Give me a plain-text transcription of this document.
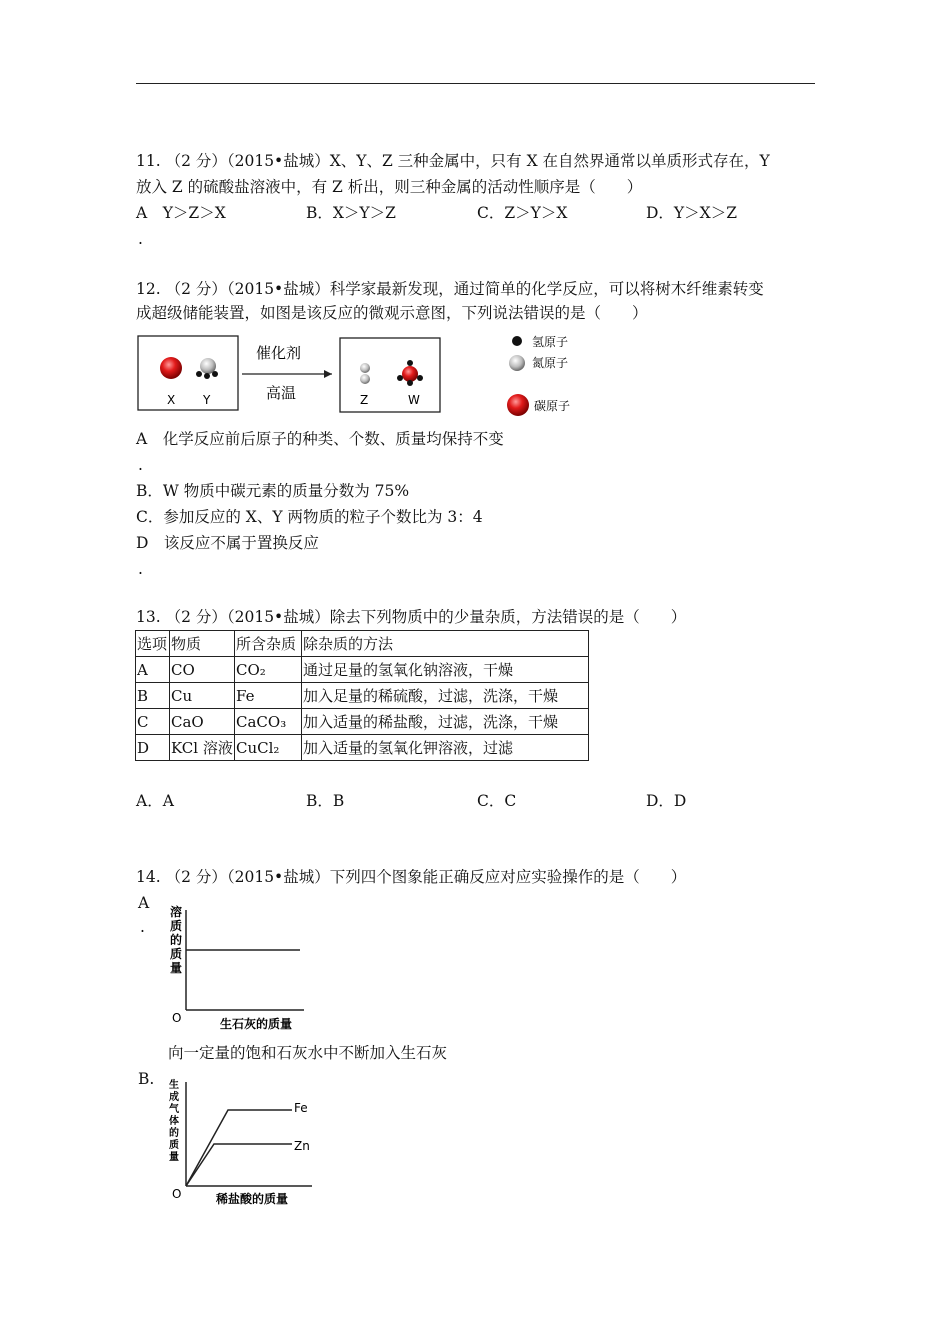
11. （2 分）（2015•盐城）X、Y、Z 三种金属中，只有 X 在自然界通常以单质形式存在，Y
放入 Z 的硫酸盐溶液中，有 Z 析出，则三种金属的活动性顺序是（　　）
A　Y＞Z＞X	B．X＞Y＞Z	C．Z＞Y＞X	D．Y＞X＞Z
.
12. （2 分）（2015•盐城）科学家最新发现，通过简单的化学反应，可以将树木纤维素转变
成超级储能装置，如图是该反应的微观示意图，下列说法错误的是（　　）
X Y
催化剂
高温	Z	W
氢原子
氮原子
碳原子
A　化学反应前后原子的种类、个数、质量均保持不变
.
B．W 物质中碳元素的质量分数为 75%
C．参加反应的 X、Y 两物质的粒子个数比为 3：4
D　该反应不属于置换反应
.
13. （2 分）（2015•盐城）除去下列物质中的少量杂质，方法错误的是（　　）
选项	物质	所含杂质	除杂质的方法
A	CO	CO₂	通过足量的氢氧化钠溶液，干燥
B	Cu	Fe	加入足量的稀硫酸，过滤，洗涤，干燥
C	CaO	CaCO₃	加入适量的稀盐酸，过滤，洗涤，干燥
D	KCl 溶液	CuCl₂	加入适量的氢氧化钾溶液，过滤
A．A	B．B	C．C	D．D
14. （2 分）（2015•盐城）下列四个图象能正确反应对应实验操作的是（　　）
A
.
溶
质
的
质
量
O	生石灰的质量
向一定量的饱和石灰水中不断加入生石灰
B. 生
成
气
体
的
质
量
Fe
Zn
O	稀盐酸的质量
